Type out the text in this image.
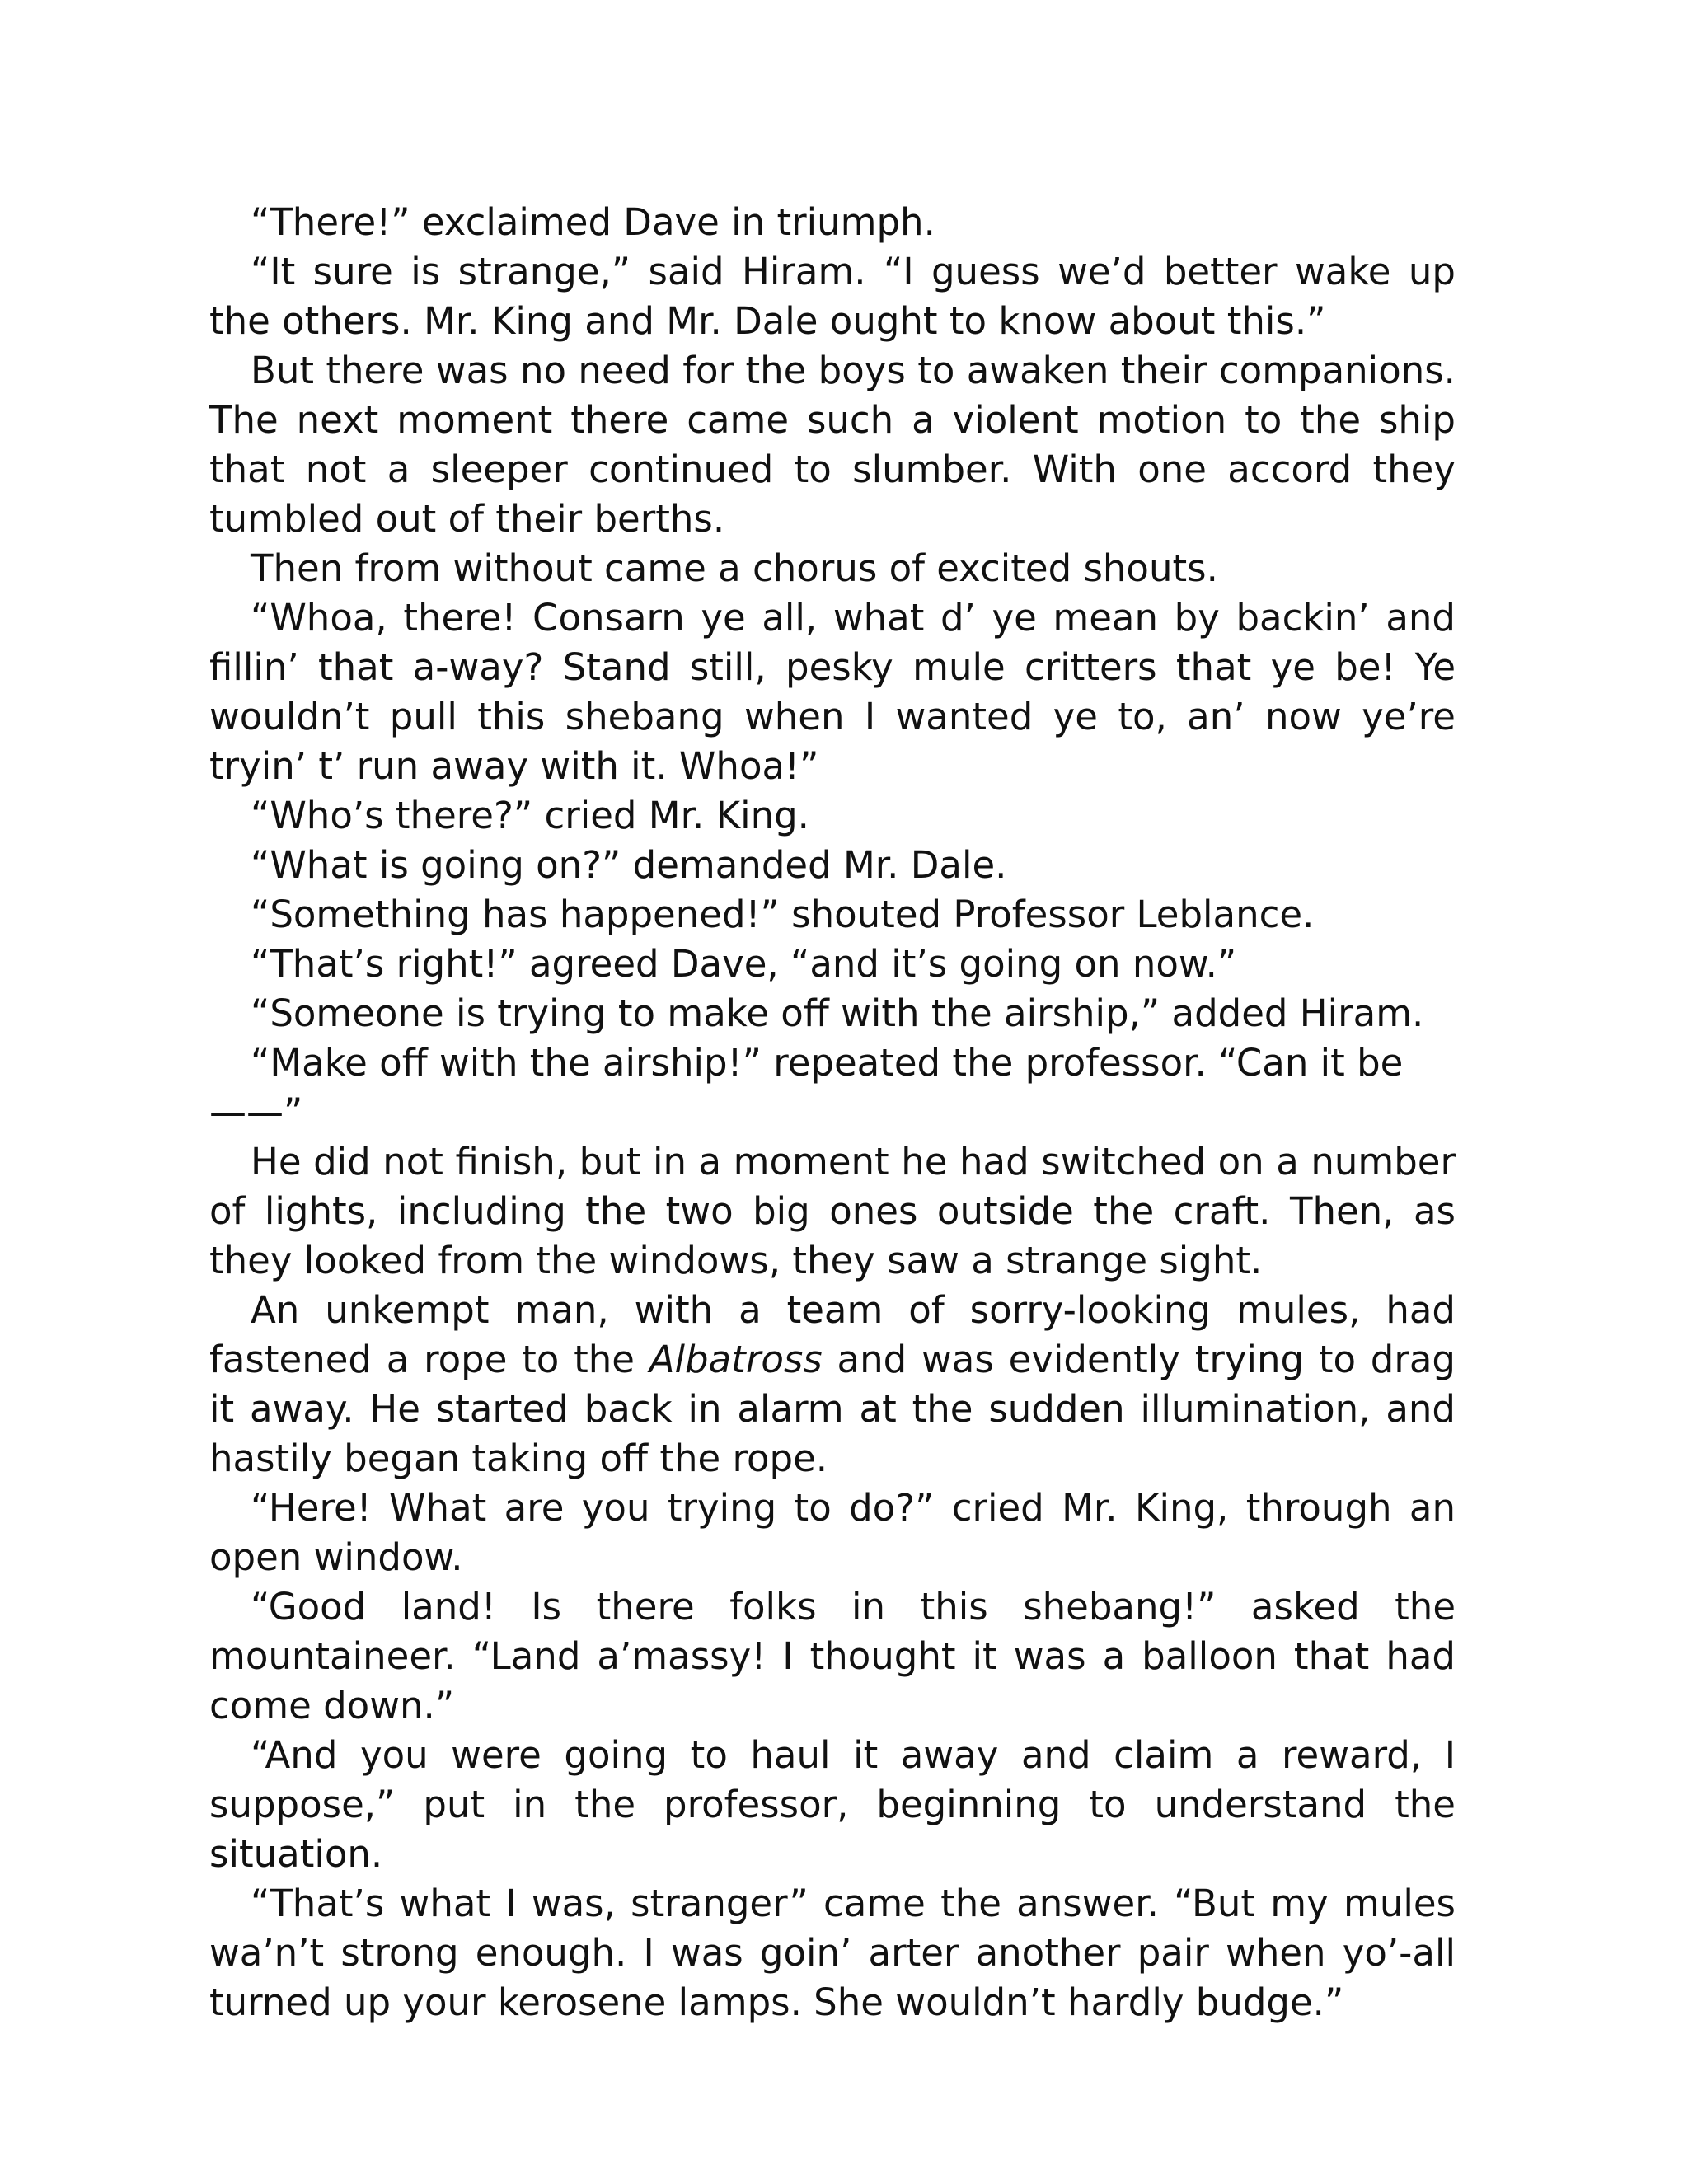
“There!” exclaimed Dave in triumph.

“It sure is strange,” said Hiram. “I guess we’d better wake up the others. Mr. King and Mr. Dale ought to know about this.”

But there was no need for the boys to awaken their companions. The next moment there came such a violent motion to the ship that not a sleeper continued to slumber. With one accord they tumbled out of their berths.

Then from without came a chorus of excited shouts.

“Whoa, there! Consarn ye all, what d’ ye mean by backin’ and fillin’ that a-way? Stand still, pesky mule critters that ye be! Ye wouldn’t pull this shebang when I wanted ye to, an’ now ye’re tryin’ t’ run away with it. Whoa!”

“Who’s there?” cried Mr. King.

“What is going on?” demanded Mr. Dale.

“Something has happened!” shouted Professor Leblance.

“That’s right!” agreed Dave, “and it’s going on now.”

“Someone is trying to make off with the airship,” added Hiram.

“Make off with the airship!” repeated the professor. “Can it be——”

He did not finish, but in a moment he had switched on a number of lights, including the two big ones outside the craft. Then, as they looked from the windows, they saw a strange sight.

An unkempt man, with a team of sorry-looking mules, had fastened a rope to the Albatross and was evidently trying to drag it away. He started back in alarm at the sudden illumination, and hastily began taking off the rope.

“Here! What are you trying to do?” cried Mr. King, through an open window.

“Good land! Is there folks in this shebang!” asked the mountaineer. “Land a’massy! I thought it was a balloon that had come down.”

“And you were going to haul it away and claim a reward, I suppose,” put in the professor, beginning to understand the situation.

“That’s what I was, stranger” came the answer. “But my mules wa’n’t strong enough. I was goin’ arter another pair when yo’-all turned up your kerosene lamps. She wouldn’t hardly budge.”
